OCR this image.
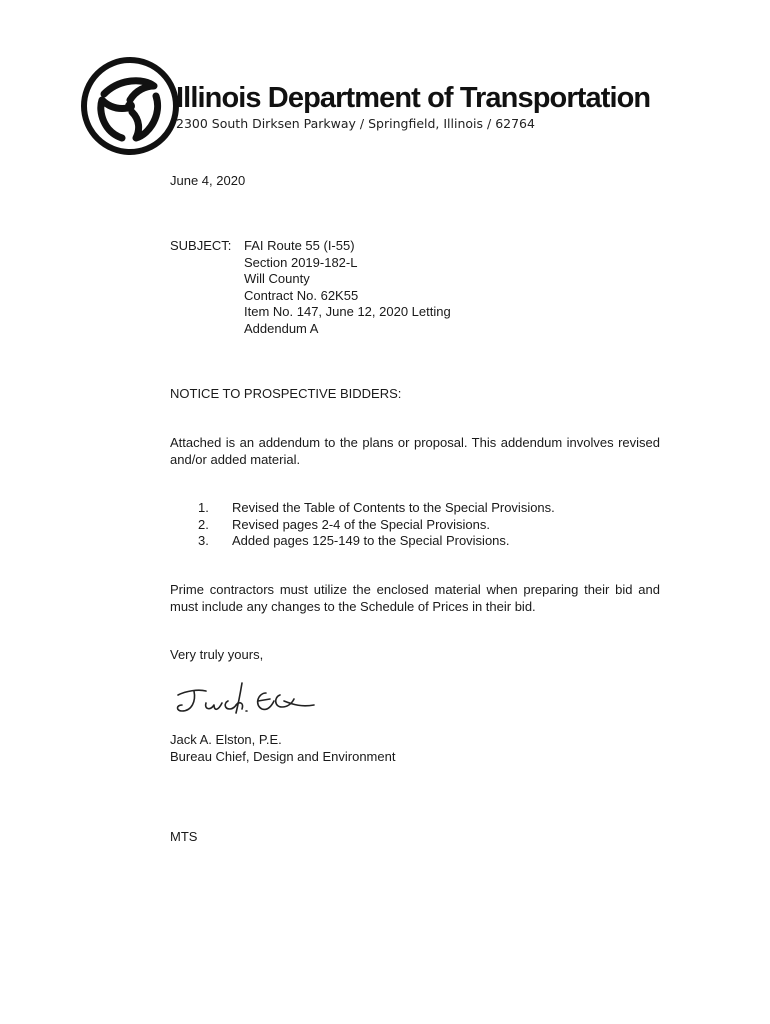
Illinois Department of Transportation
2300 South Dirksen Parkway / Springfield, Illinois / 62764
June 4, 2020
SUBJECT: FAI Route 55 (I-55)
Section 2019-182-L
Will County
Contract No. 62K55
Item No. 147, June 12, 2020 Letting
Addendum A
NOTICE TO PROSPECTIVE BIDDERS:
Attached is an addendum to the plans or proposal. This addendum involves revised and/or added material.
1. Revised the Table of Contents to the Special Provisions.
2. Revised pages 2-4 of the Special Provisions.
3. Added pages 125-149 to the Special Provisions.
Prime contractors must utilize the enclosed material when preparing their bid and must include any changes to the Schedule of Prices in their bid.
Very truly yours,
Jack A. Elston, P.E.
Bureau Chief, Design and Environment
MTS
